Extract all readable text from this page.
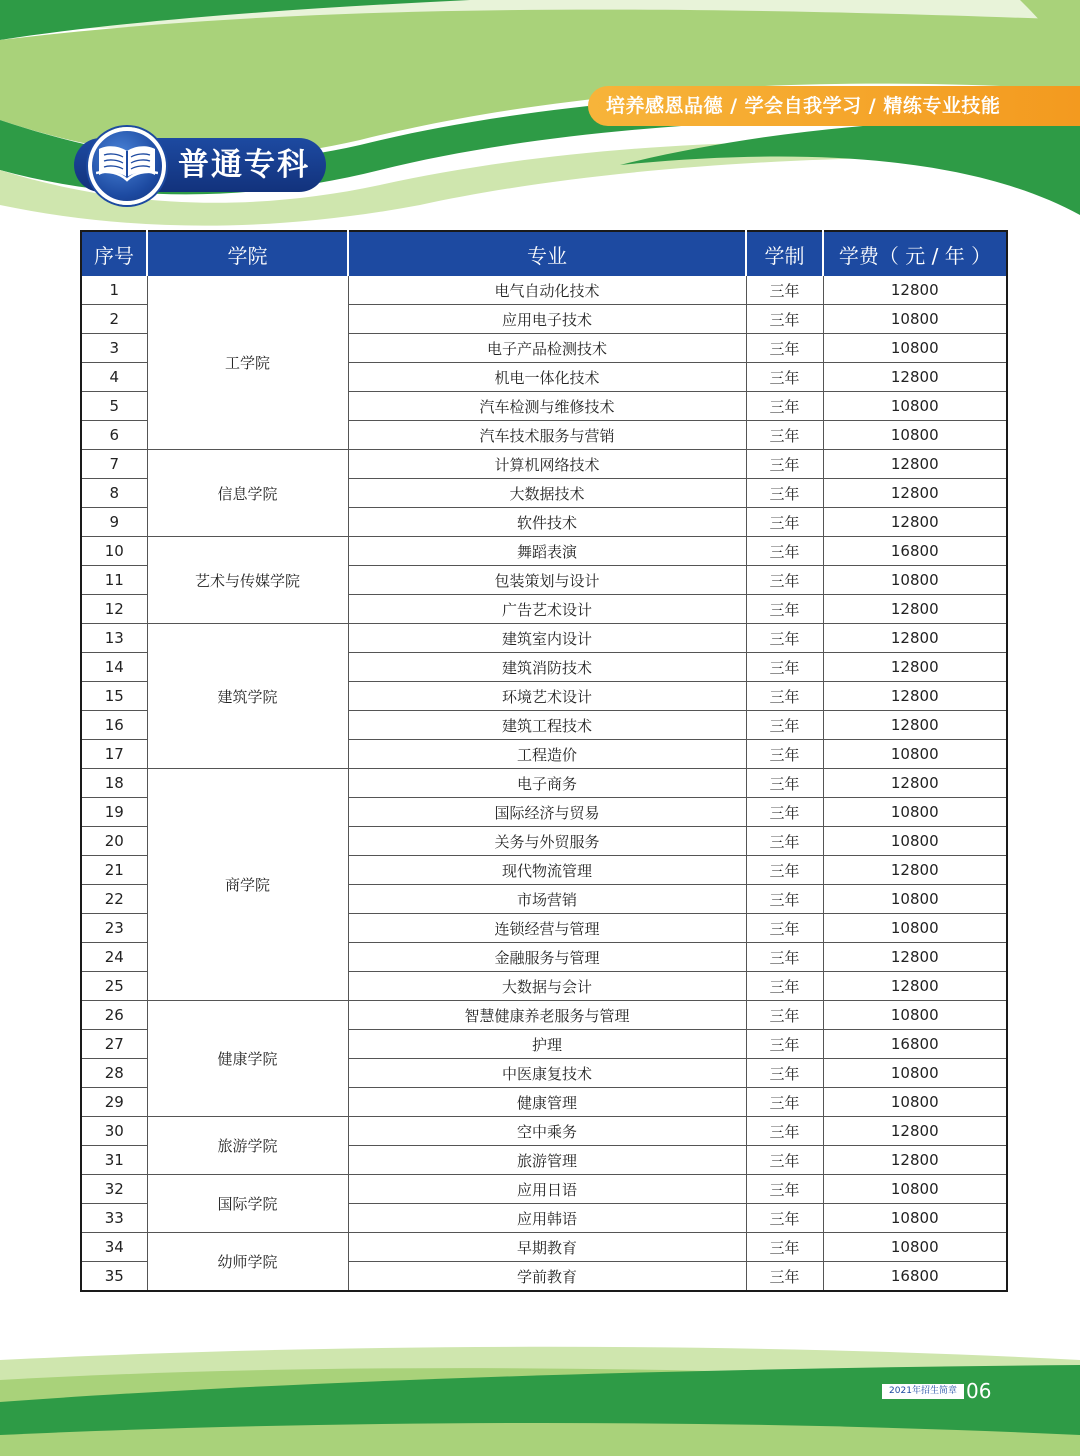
培养感恩品德 / 学会自我学习 / 精练专业技能
普通专科
序号	学院	专业	学制	学费（ 元 / 年 ）
1	工学院	电气自动化技术	三年	12800
2		应用电子技术	三年	10800
3		电子产品检测技术	三年	10800
4		机电一体化技术	三年	12800
5		汽车检测与维修技术	三年	10800
6		汽车技术服务与营销	三年	10800
7	信息学院	计算机网络技术	三年	12800
8		大数据技术	三年	12800
9		软件技术	三年	12800
10	艺术与传媒学院	舞蹈表演	三年	16800
11		包装策划与设计	三年	10800
12		广告艺术设计	三年	12800
13	建筑学院	建筑室内设计	三年	12800
14		建筑消防技术	三年	12800
15		环境艺术设计	三年	12800
16		建筑工程技术	三年	12800
17		工程造价	三年	10800
18	商学院	电子商务	三年	12800
19		国际经济与贸易	三年	10800
20		关务与外贸服务	三年	10800
21		现代物流管理	三年	12800
22		市场营销	三年	10800
23		连锁经营与管理	三年	10800
24		金融服务与管理	三年	12800
25		大数据与会计	三年	12800
26	健康学院	智慧健康养老服务与管理	三年	10800
27		护理	三年	16800
28		中医康复技术	三年	10800
29		健康管理	三年	10800
30	旅游学院	空中乘务	三年	12800
31		旅游管理	三年	12800
32	国际学院	应用日语	三年	10800
33		应用韩语	三年	10800
34	幼师学院	早期教育	三年	10800
35		学前教育	三年	16800
2021年招生简章 06
